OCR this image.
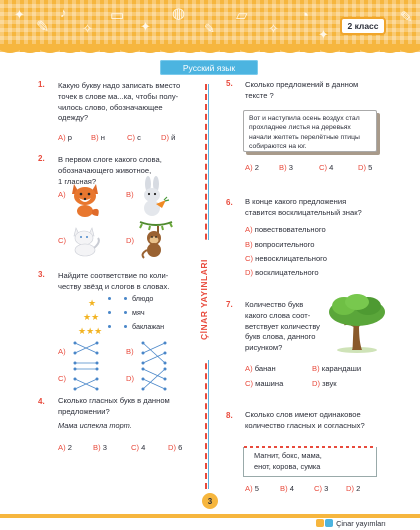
✦
✎
♪
✧
▭
✦
◍
✎
▱
✧
◔
✦
✎
2 класс
Русский язык
ÇİNAR YAYINLARI
1. Какую букву надо записать вместо
точек в слове ма...ка, чтобы полу-
чилось слово, обозначающее
одежду?
A) р	B) н	C) с	D) й
2. В первом слоге какого слова,
обозначающего животное,
1 гласная?
A)	B)
C)	D)
3. Найдите соответствие по коли-
честву звёзд и слогов в словах.
★
★★
★★★
блюдо
мяч
баклажан
A)	B)
C)	D)
4. Сколько гласных букв в данном
предложении?
Мама испекла торт.
A) 2	B) 3	C) 4	D) 6
5. Сколько предложений в данном
тексте ?
Вот и наступила осень воздух стал
прохладнее листья на деревьях
начали желтеть перелётные птицы
собираются на юг.
A) 2	B) 3	C) 4	D) 5
6. В конце какого предложения
ставится восклицательный знак?
A) повествовательного
B) вопросительного
C) невосклицательного
D) восклицательного
7. Количество букв
какого слова соот-
ветствует количеству
букв слова, данного
рисунком?
A) банан	B) карандаши
C) машина	D) звук
8. Сколько слов имеют одинаковое
количество гласных и согласных?
Магнит, бокс, мама,
енот, корова, сумка
A) 5	B) 4	C) 3 D) 2
3
Çinar yayımları
